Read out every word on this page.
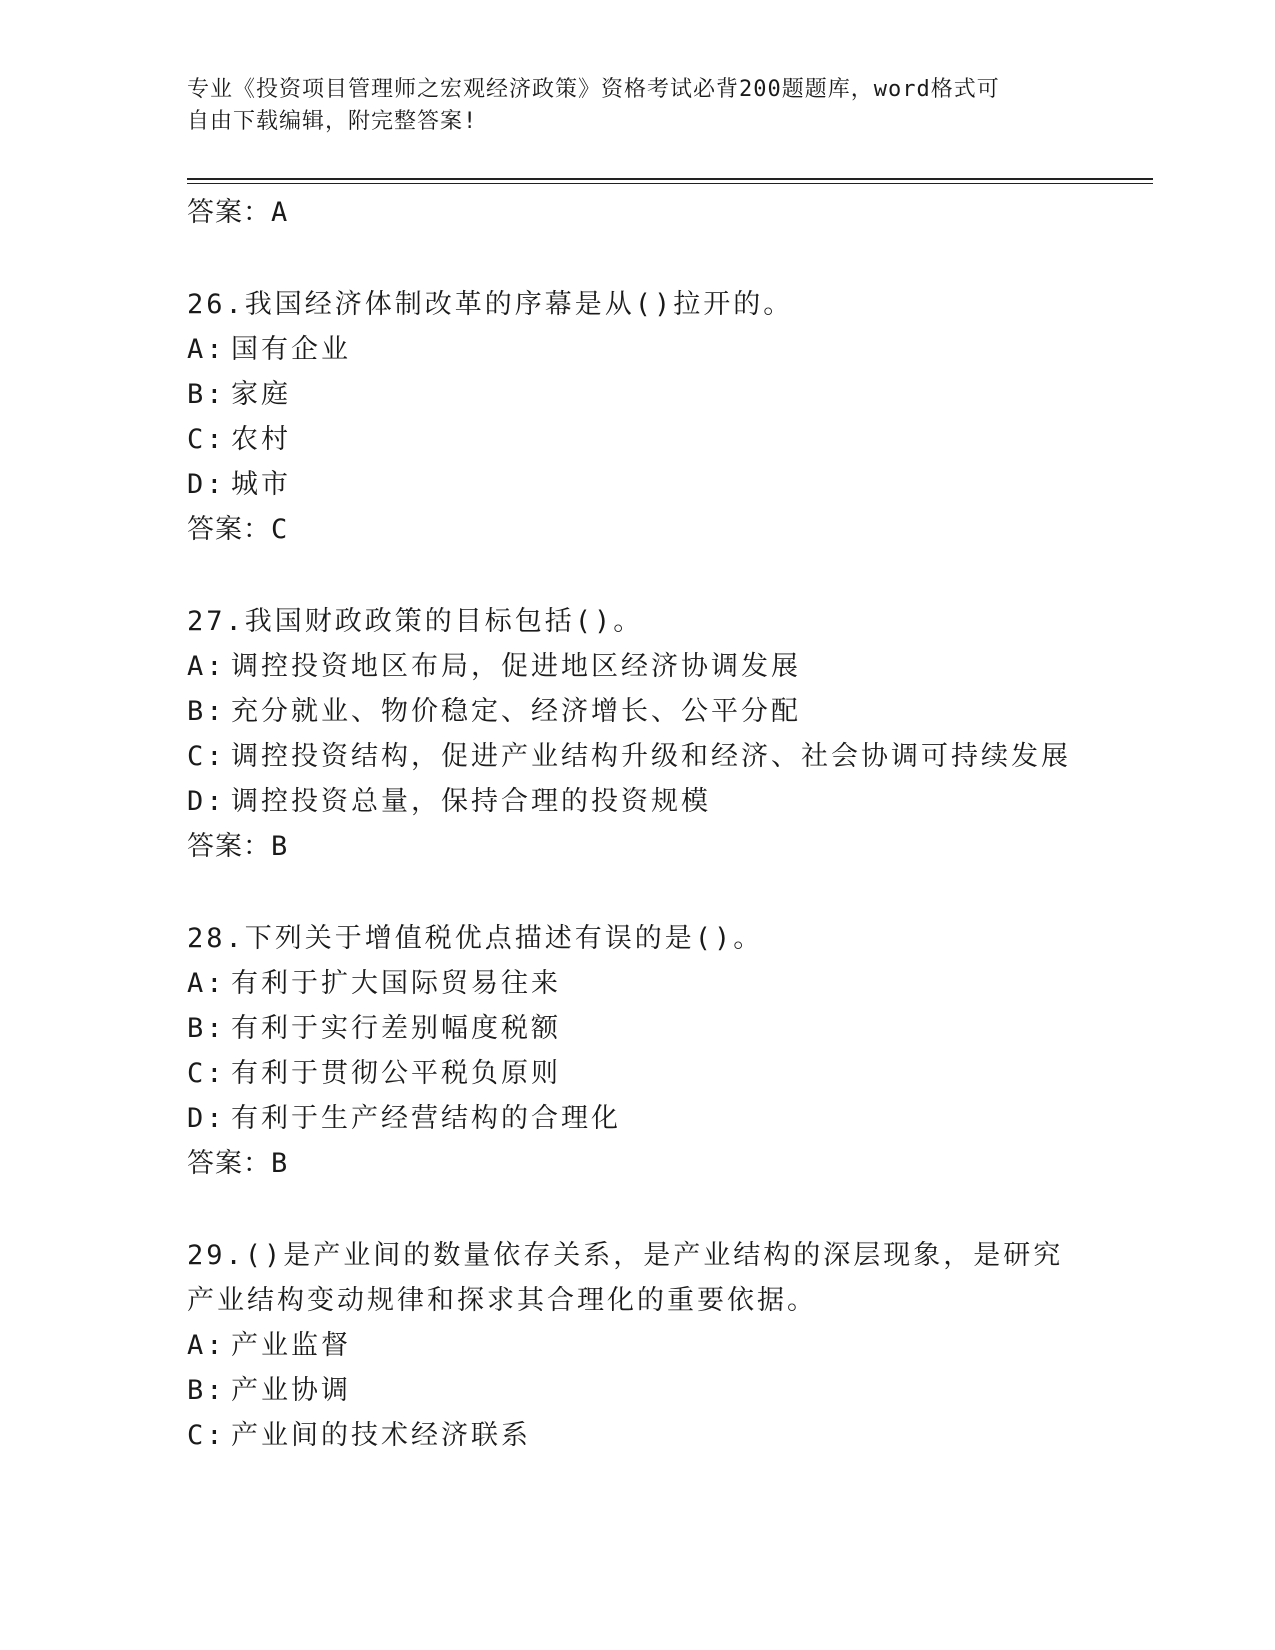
专业《投资项目管理师之宏观经济政策》资格考试必背200题题库，word格式可
自由下载编辑，附完整答案!
答案：A
26.我国经济体制改革的序幕是从()拉开的。
A: 国有企业
B: 家庭
C: 农村
D: 城市
答案：C
27.我国财政政策的目标包括()。
A: 调控投资地区布局，促进地区经济协调发展
B: 充分就业、物价稳定、经济增长、公平分配
C: 调控投资结构，促进产业结构升级和经济、社会协调可持续发展
D: 调控投资总量，保持合理的投资规模
答案：B
28.下列关于增值税优点描述有误的是()。
A: 有利于扩大国际贸易往来
B: 有利于实行差别幅度税额
C: 有利于贯彻公平税负原则
D: 有利于生产经营结构的合理化
答案：B
29.()是产业间的数量依存关系，是产业结构的深层现象，是研究产业结构变动规律和探求其合理化的重要依据。
A: 产业监督
B: 产业协调
C: 产业间的技术经济联系
